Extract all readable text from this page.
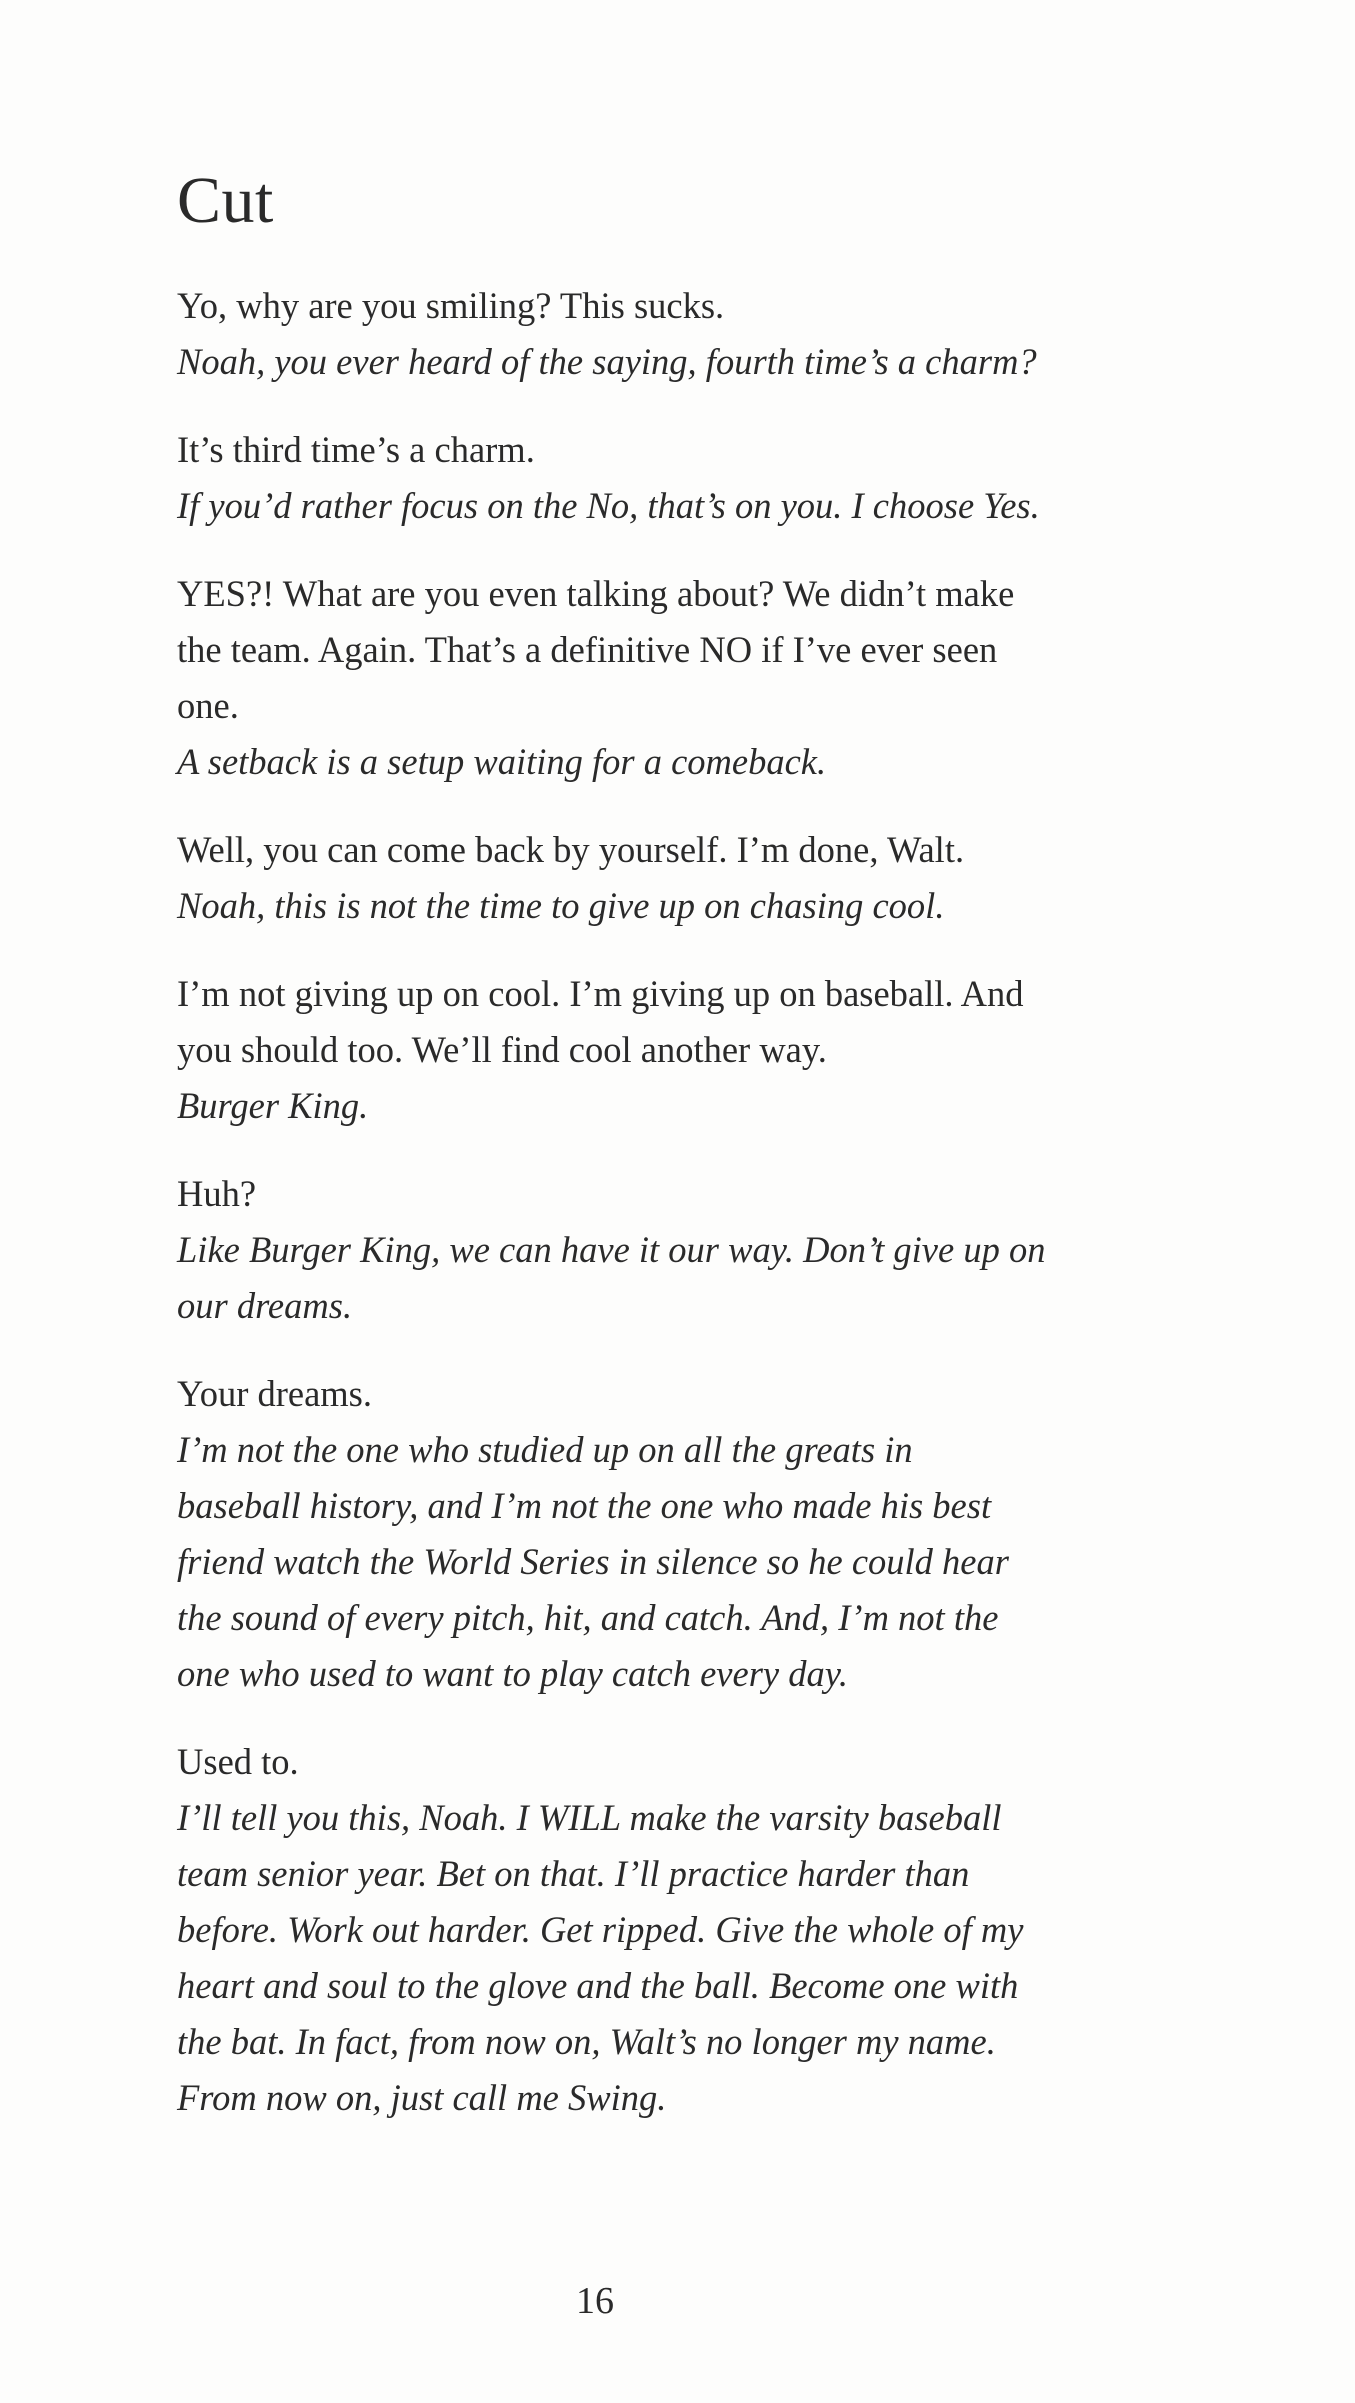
Cut
Yo, why are you smiling? This sucks.
Noah, you ever heard of the saying, fourth time’s a charm?
It’s third time’s a charm.
If you’d rather focus on the No, that’s on you. I choose Yes.
YES?! What are you even talking about? We didn’t make
the team. Again. That’s a definitive NO if I’ve ever seen
one.
A setback is a setup waiting for a comeback.
Well, you can come back by yourself. I’m done, Walt.
Noah, this is not the time to give up on chasing cool.
I’m not giving up on cool. I’m giving up on baseball. And
you should too. We’ll find cool another way.
Burger King.
Huh?
Like Burger King, we can have it our way. Don’t give up on
our dreams.
Your dreams.
I’m not the one who studied up on all the greats in
baseball history, and I’m not the one who made his best
friend watch the World Series in silence so he could hear
the sound of every pitch, hit, and catch. And, I’m not the
one who used to want to play catch every day.
Used to.
I’ll tell you this, Noah. I WILL make the varsity baseball
team senior year. Bet on that. I’ll practice harder than
before. Work out harder. Get ripped. Give the whole of my
heart and soul to the glove and the ball. Become one with
the bat. In fact, from now on, Walt’s no longer my name.
From now on, just call me Swing.
16
